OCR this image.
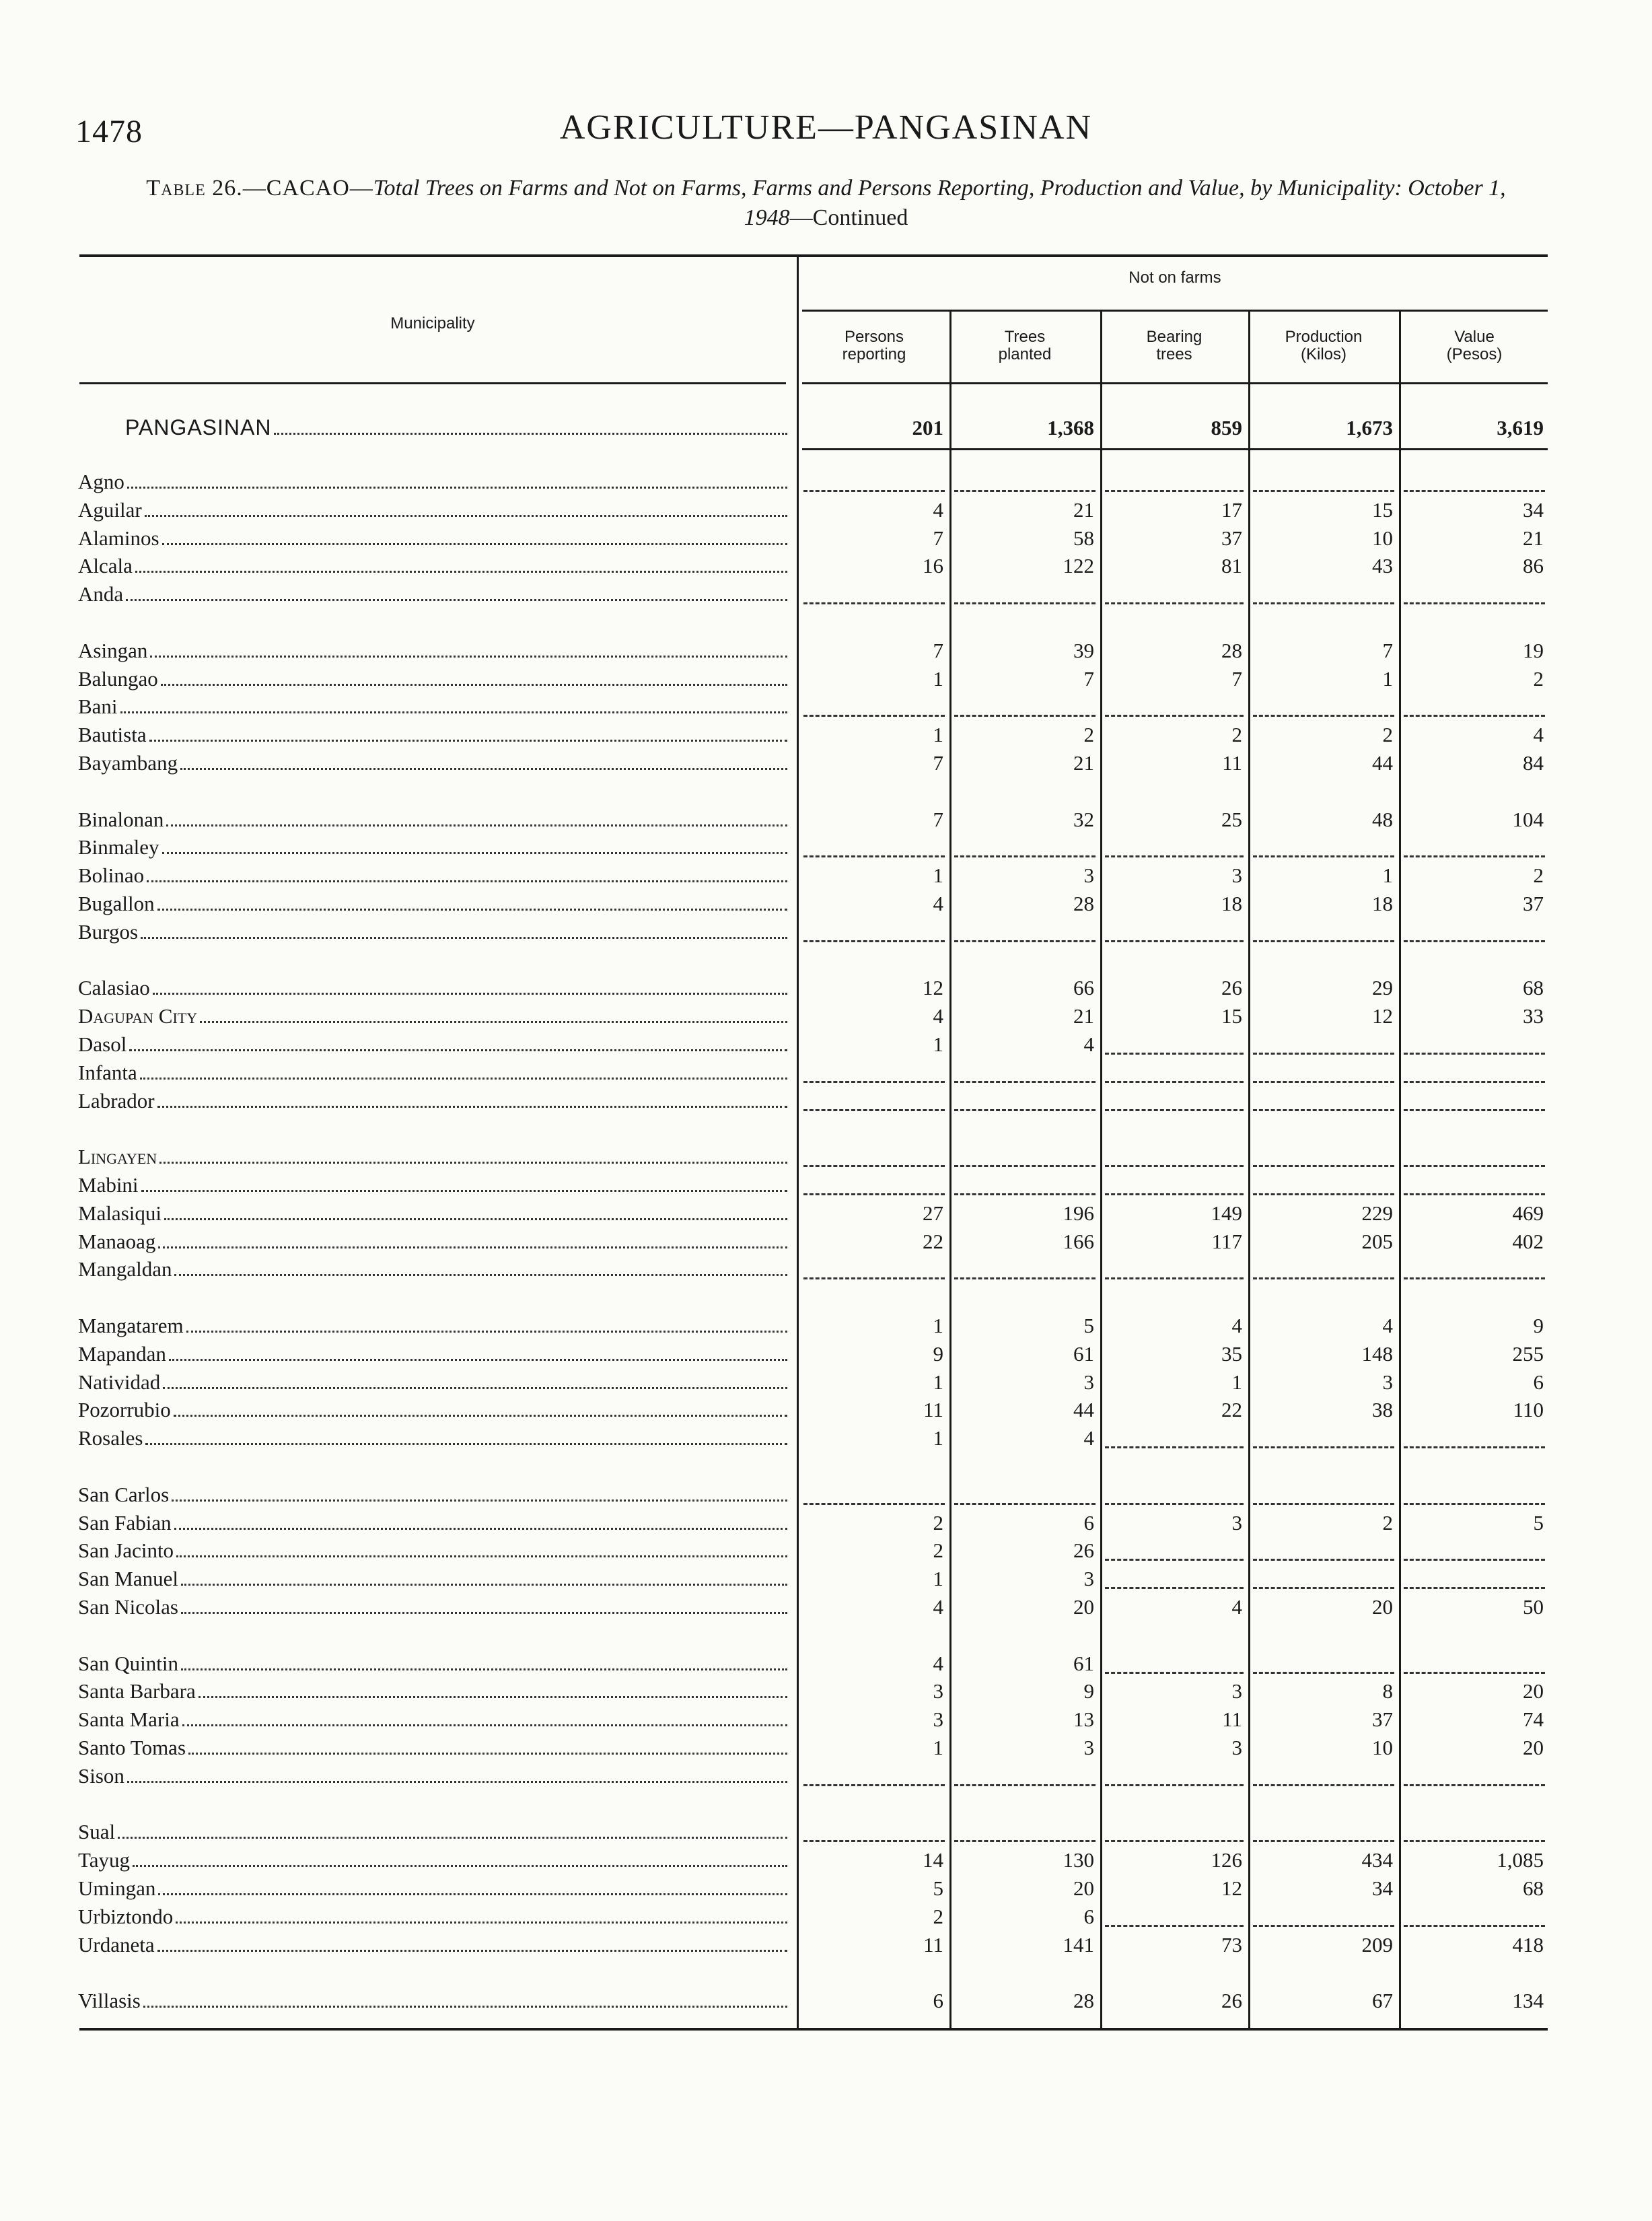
1478	AGRICULTURE—PANGASINAN
Table 26.—CACAO—Total Trees on Farms and Not on Farms, Farms and Persons Reporting, Production and Value, by Municipality: October 1, 1948—Continued
Municipality
Not on farms
Persons
reporting
Trees
planted
Bearing
trees
Production
(Kilos)
Value
(Pesos)
PANGASINAN	201	1,368	859	1,673	3,619
Agno
Aguilar	4	21	17	15	34
Alaminos	7	58	37	10	21
Alcala	16	122	81	43	86
Anda
Asingan	7	39	28	7	19
Balungao	1	7	7	1	2
Bani
Bautista	1	2	2	2	4
Bayambang	7	21	11	44	84
Binalonan	7	32	25	48	104
Binmaley
Bolinao	1	3	3	1	2
Bugallon	4	28	18	18	37
Burgos
Calasiao	12	66	26	29	68
Dagupan City	4	21	15	12	33
Dasol	1	4
Infanta
Labrador
Lingayen
Mabini
Malasiqui	27	196	149	229	469
Manaoag	22	166	117	205	402
Mangaldan
Mangatarem	1	5	4	4	9
Mapandan	9	61	35	148	255
Natividad	1	3	1	3	6
Pozorrubio	11	44	22	38	110
Rosales	1	4
San Carlos
San Fabian	2	6	3	2	5
San Jacinto	2	26
San Manuel	1	3
San Nicolas	4	20	4	20	50
San Quintin	4	61
Santa Barbara	3	9	3	8	20
Santa Maria	3	13	11	37	74
Santo Tomas	1	3	3	10	20
Sison
Sual
Tayug	14	130	126	434	1,085
Umingan	5	20	12	34	68
Urbiztondo	2	6
Urdaneta	11	141	73	209	418
Villasis	6	28	26	67	134
